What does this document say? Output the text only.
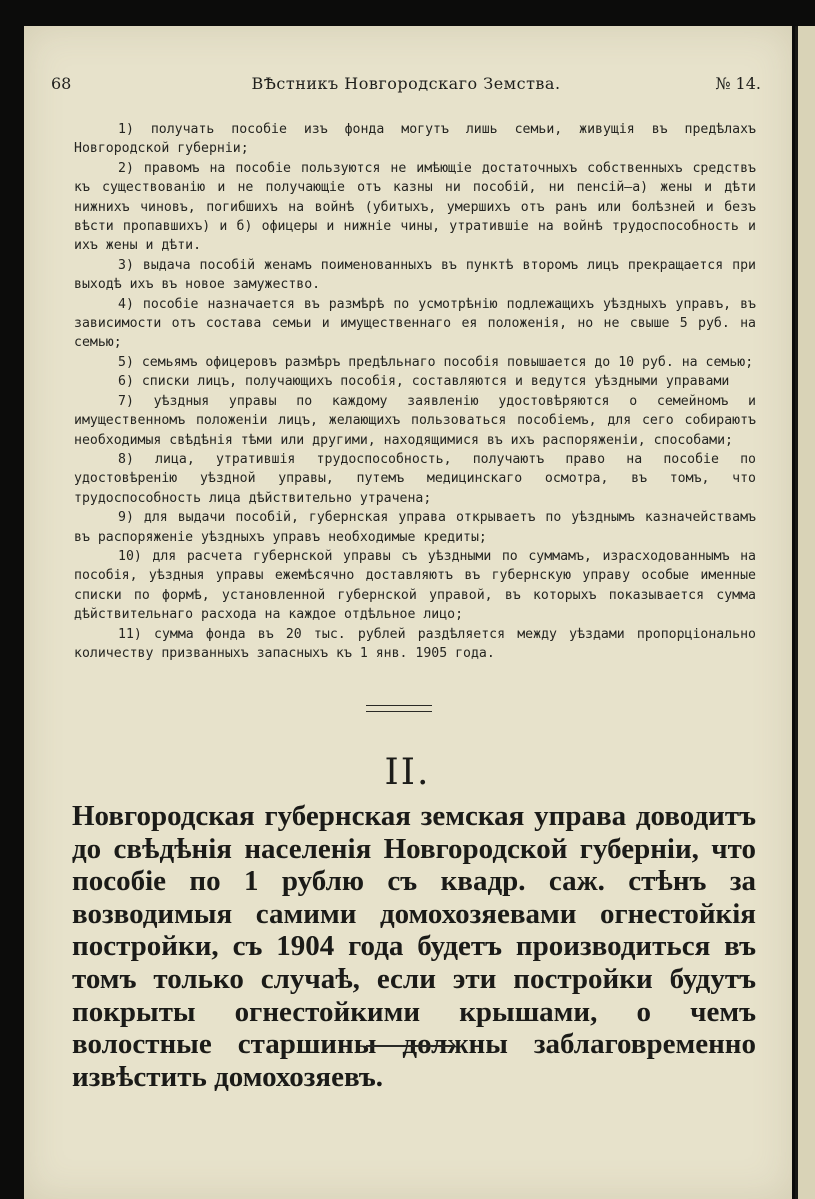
68	ВѢстникъ Новгородскаго Земства.	№ 14.
1) получать пособіе изъ фонда могутъ лишь семьи, живущія въ предѣлахъ Новгородской губерніи;
2) правомъ на пособіе пользуются не имѣющіе достаточныхъ собственныхъ средствъ къ существованію и не получающіе отъ казны ни пособій, ни пенсій—а) жены и дѣти нижнихъ чиновъ, погибшихъ на войнѣ (убитыхъ, умершихъ отъ ранъ или болѣзней и безъ вѣсти пропавшихъ) и б) офицеры и нижніе чины, утратившіе на войнѣ трудоспособность и ихъ жены и дѣти.
3) выдача пособій женамъ поименованныхъ въ пунктѣ второмъ лицъ прекращается при выходѣ ихъ въ новое замужество.
4) пособіе назначается въ размѣрѣ по усмотрѣнію подлежащихъ уѣздныхъ управъ, въ зависимости отъ состава семьи и имущественнаго ея положенія, но не свыше 5 руб. на семью;
5) семьямъ офицеровъ размѣръ предѣльнаго пособія повышается до 10 руб. на семью;
6) списки лицъ, получающихъ пособія, составляются и ведутся уѣздными управами
7) уѣздныя управы по каждому заявленію удостовѣряются о семейномъ и имущественномъ положеніи лицъ, желающихъ пользоваться пособіемъ, для сего собираютъ необходимыя свѣдѣнія тѣми или другими, находящимися въ ихъ распоряженіи, способами;
8) лица, утратившія трудоспособность, получаютъ право на пособіе по удостовѣренію уѣздной управы, путемъ медицинскаго осмотра, въ томъ, что трудоспособность лица дѣйствительно утрачена;
9) для выдачи пособій, губернская управа открываетъ по уѣзднымъ казначействамъ въ распоряженіе уѣздныхъ управъ необходимые кредиты;
10) для расчета губернской управы съ уѣздными по суммамъ, израсходованнымъ на пособія, уѣздныя управы ежемѣсячно доставляютъ въ губернскую управу особые именные списки по формѣ, установленной губернской управой, въ которыхъ показывается сумма дѣйствительнаго расхода на каждое отдѣльное лицо;
11) сумма фонда въ 20 тыс. рублей раздѣляется между уѣздами пропорціонально количеству призванныхъ запасныхъ къ 1 янв. 1905 года.
II.

Новгородская губернская земская управа доводитъ до свѣдѣнія населенія Новгородской губерніи, что пособіе по 1 рублю съ квадр. саж. стѣнъ за возводимыя самими домохозяевами огнестойкія постройки, съ 1904 года будетъ производиться въ томъ только случаѣ, если эти постройки будутъ покрыты огнестойкими крышами, о чемъ волостные старшины должны заблаговременно извѣстить домохозяевъ.
